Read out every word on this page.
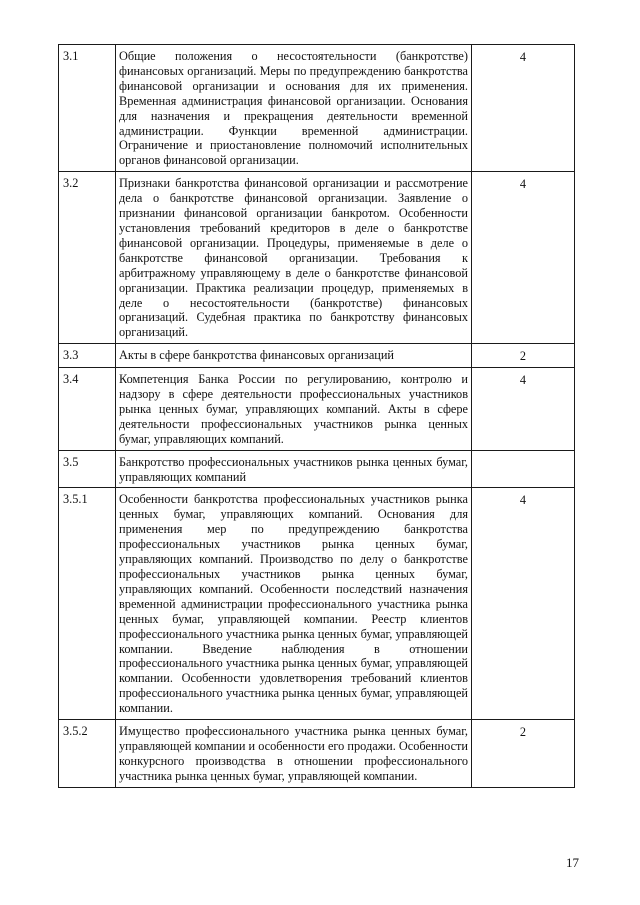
3.1	Общие положения о несостоятельности (банкротстве) финансовых организаций. Меры по предупреждению банкротства финансовой организации и основания для их применения. Временная администрация финансовой организации. Основания для назначения и прекращения деятельности временной администрации. Функции временной администрации. Ограничение и приостановление полномочий исполнительных органов финансовой организации.	4
3.2	Признаки банкротства финансовой организации и рассмотрение дела о банкротстве финансовой организации. Заявление о признании финансовой организации банкротом. Особенности установления требований кредиторов в деле о банкротстве финансовой организации. Процедуры, применяемые в деле о банкротстве финансовой организации. Требования к арбитражному управляющему в деле о банкротстве финансовой организации. Практика реализации процедур, применяемых в деле о несостоятельности (банкротстве) финансовых организаций. Судебная практика по банкротству финансовых организаций.	4
3.3	Акты в сфере банкротства финансовых организаций	2
3.4	Компетенция Банка России по регулированию, контролю и надзору в сфере деятельности профессиональных участников рынка ценных бумаг, управляющих компаний. Акты в сфере деятельности профессиональных участников рынка ценных бумаг, управляющих компаний.	4
3.5	Банкротство профессиональных участников рынка ценных бумаг, управляющих компаний	
3.5.1	Особенности банкротства профессиональных участников рынка ценных бумаг, управляющих компаний. Основания для применения мер по предупреждению банкротства профессиональных участников рынка ценных бумаг, управляющих компаний. Производство по делу о банкротстве профессиональных участников рынка ценных бумаг, управляющих компаний. Особенности последствий назначения временной администрации профессионального участника рынка ценных бумаг, управляющей компании. Реестр клиентов профессионального участника рынка ценных бумаг, управляющей компании. Введение наблюдения в отношении профессионального участника рынка ценных бумаг, управляющей компании. Особенности удовлетворения требований клиентов профессионального участника рынка ценных бумаг, управляющей компании.	4
3.5.2	Имущество профессионального участника рынка ценных бумаг, управляющей компании и особенности его продажи. Особенности конкурсного производства в отношении профессионального участника рынка ценных бумаг, управляющей компании.	2
17
